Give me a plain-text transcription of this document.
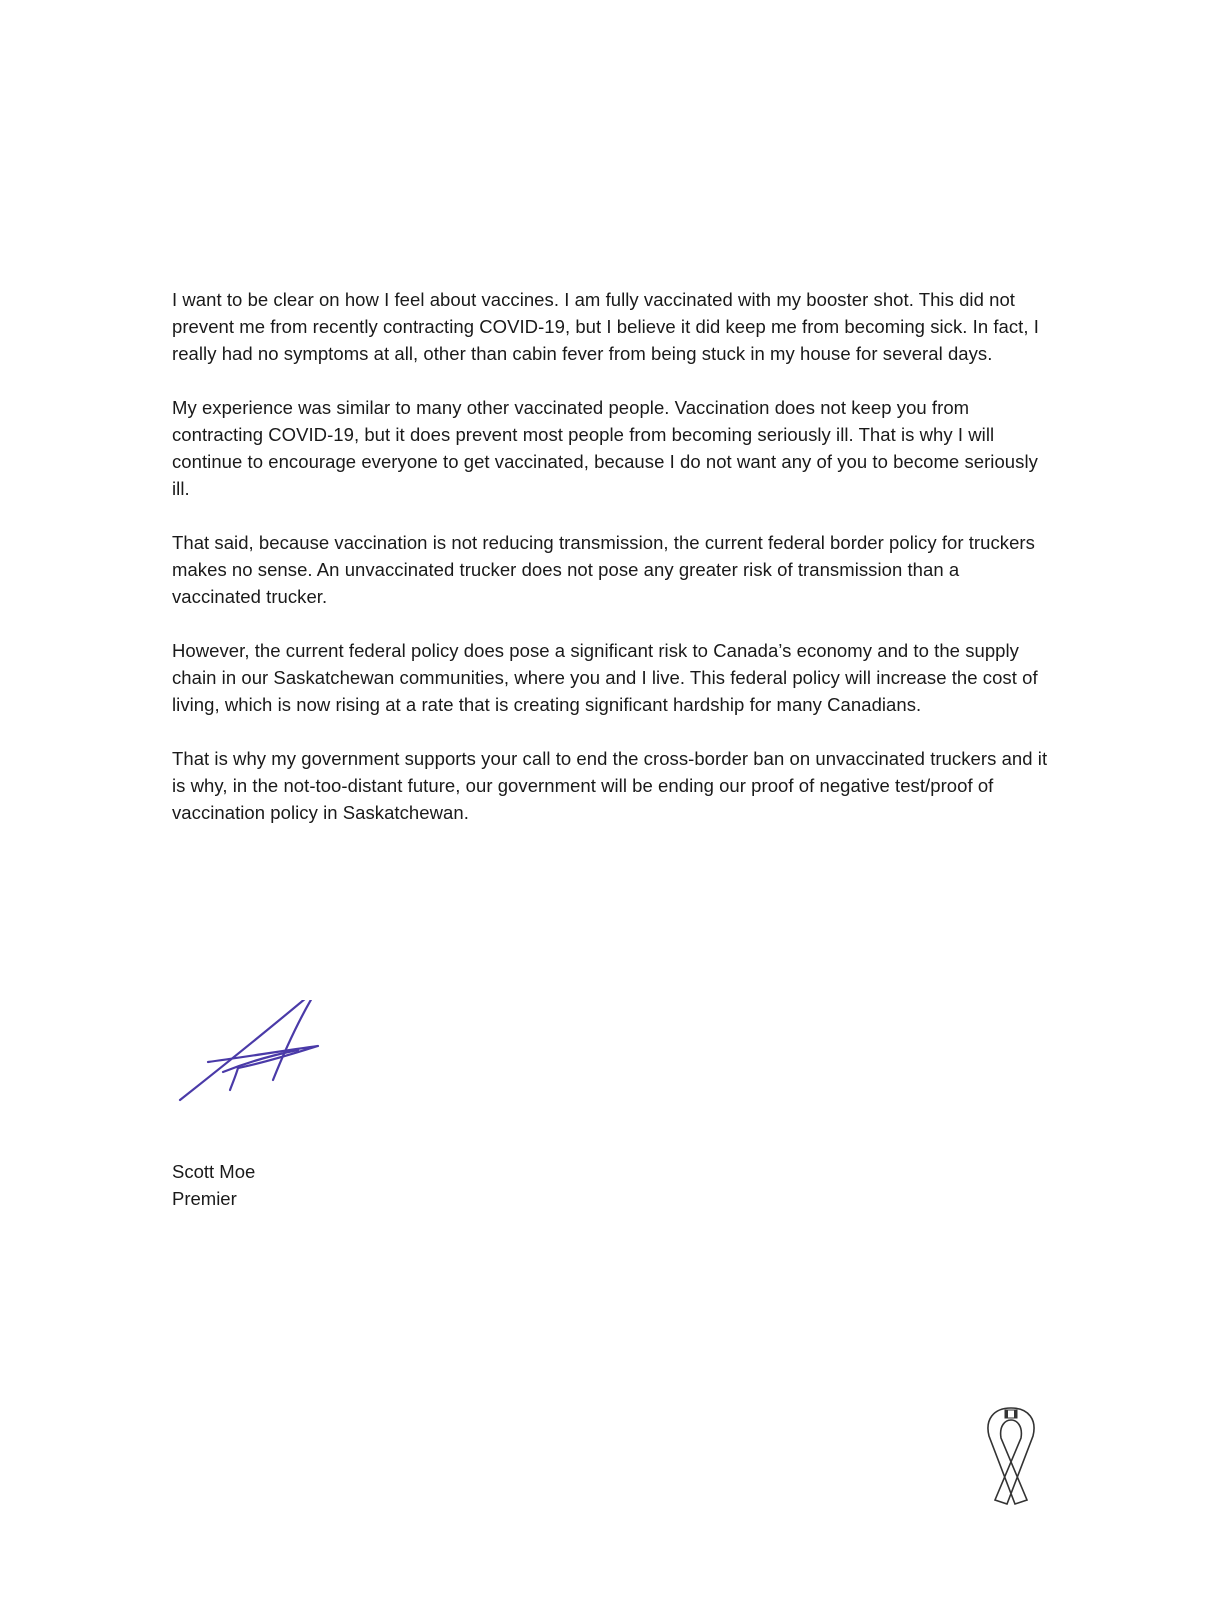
I want to be clear on how I feel about vaccines. I am fully vaccinated with my booster shot. This did not prevent me from recently contracting COVID-19, but I believe it did keep me from becoming sick. In fact, I really had no symptoms at all, other than cabin fever from being stuck in my house for several days.

My experience was similar to many other vaccinated people. Vaccination does not keep you from contracting COVID-19, but it does prevent most people from becoming seriously ill. That is why I will continue to encourage everyone to get vaccinated, because I do not want any of you to become seriously ill.

That said, because vaccination is not reducing transmission, the current federal border policy for truckers makes no sense. An unvaccinated trucker does not pose any greater risk of transmission than a vaccinated trucker.

However, the current federal policy does pose a significant risk to Canada’s economy and to the supply chain in our Saskatchewan communities, where you and I live. This federal policy will increase the cost of living, which is now rising at a rate that is creating significant hardship for many Canadians.

That is why my government supports your call to end the cross-border ban on unvaccinated truckers and it is why, in the not-too-distant future, our government will be ending our proof of negative test/proof of vaccination policy in Saskatchewan.

Scott Moe
Premier
